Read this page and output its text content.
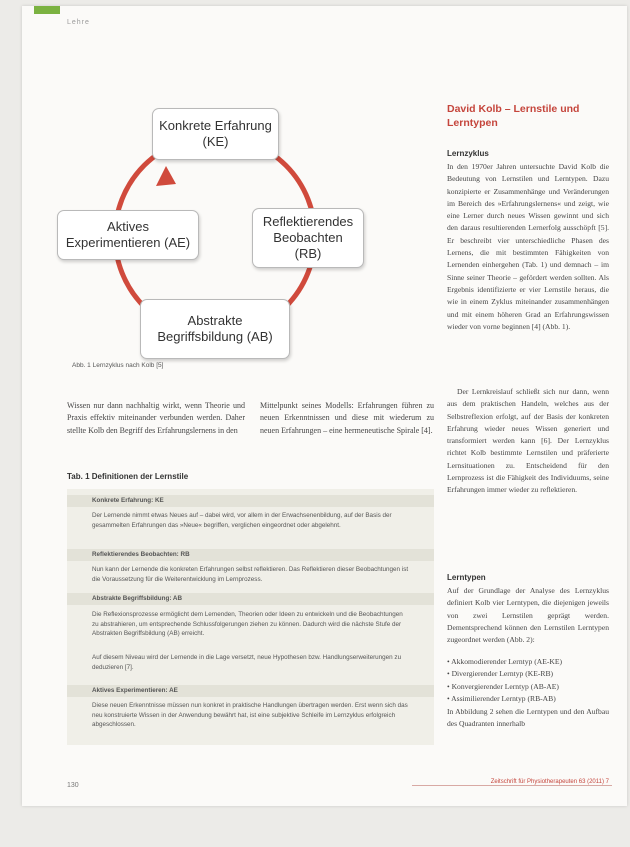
Lehre
Konkrete Erfahrung
(KE)
Reflektierendes
Beobachten
(RB)
Abstrakte
Begriffsbildung (AB)
Aktives
Experimentieren (AE)
Abb. 1 Lernzyklus nach Kolb [5]
Wissen nur dann nachhaltig wirkt, wenn Theorie und Praxis effektiv miteinander verbunden werden. Daher stellte Kolb den Begriff des Erfahrungslernens in den
Mittelpunkt seines Modells: Erfahrungen führen zu neuen Erkenntnissen und diese mit wiederum zu neuen Erfahrungen – eine hermeneutische Spirale [4].
Tab. 1 Definitionen der Lernstile
Konkrete Erfahrung: KE
Der Lernende nimmt etwas Neues auf – dabei wird, vor allem in der Erwachsenenbildung, auf der Basis der gesammelten Erfahrungen das »Neue« begriffen, verglichen eingeordnet oder abgelehnt.
Reflektierendes Beobachten: RB
Nun kann der Lernende die konkreten Erfahrungen selbst reflektieren. Das Reflektieren dieser Beobachtungen ist die Voraussetzung für die Weiterentwicklung im Lernprozess.
Abstrakte Begriffsbildung: AB
Die Reflexionsprozesse ermöglicht dem Lernenden, Theorien oder Ideen zu entwickeln und die Beobachtungen zu abstrahieren, um entsprechende Schlussfolgerungen ziehen zu können. Dadurch wird die nächste Stufe der Abstrakten Begriffsbildung (AB) erreicht.
Auf diesem Niveau wird der Lernende in die Lage versetzt, neue Hypothesen bzw. Handlungserweiterungen zu deduzieren [7].
Aktives Experimentieren: AE
Diese neuen Erkenntnisse müssen nun konkret in praktische Handlungen übertragen werden. Erst wenn sich das neu konstruierte Wissen in der Anwendung bewährt hat, ist eine subjektive Schleife im Lernzyklus erfolgreich abgeschlossen.
David Kolb – Lernstile und Lerntypen
Lernzyklus
In den 1970er Jahren untersuchte David Kolb die Bedeutung von Lernstilen und Lerntypen. Dazu konzipierte er Zusammenhänge und Veränderungen im Bereich des »Erfahrungslernens« und zeigt, wie eine Lerner durch neues Wissen gewinnt und sich den daraus resultierenden Lernerfolg ausschöpft [5]. Er beschreibt vier unterschiedliche Phasen des Lernens, die mit bestimmten Fähigkeiten von Lernenden einhergehen (Tab. 1) und demnach – im Sinne seiner Theorie – gefördert werden sollten. Als Ergebnis identifizierte er vier Lernstile heraus, die wie in einem Zyklus miteinander zusammenhängen und mit einem höheren Grad an Erfahrungswissen wieder von vorne beginnen [4] (Abb. 1).
Der Lernkreislauf schließt sich nur dann, wenn aus dem praktischen Handeln, welches aus der Selbstreflexion erfolgt, auf der Basis der konkreten Erfahrung wieder neues Wissen generiert und transformiert werden kann [6]. Der Lernzyklus richtet Kolb bestimmte Lernstilen und präferierte Lernsituationen zu. Entscheidend für den Lernprozess ist die Fähigkeit des Individuums, seine Erfahrungen immer wieder zu reflektieren.
Lerntypen
Auf der Grundlage der Analyse des Lernzyklus definiert Kolb vier Lerntypen, die diejenigen jeweils von zwei Lernstilen geprägt werden. Dementsprechend können den Lernstilen Lerntypen zugeordnet werden (Abb. 2):
• Akkomodierender Lerntyp (AE-KE)
• Divergierender Lerntyp (KE-RB)
• Konvergierender Lerntyp (AB-AE)
• Assimilierender Lerntyp (RB-AB)
In Abbildung 2 sehen die Lerntypen und den Aufbau des Quadranten innerhalb
130	Zeitschrift für Physiotherapeuten 63 (2011) 7
